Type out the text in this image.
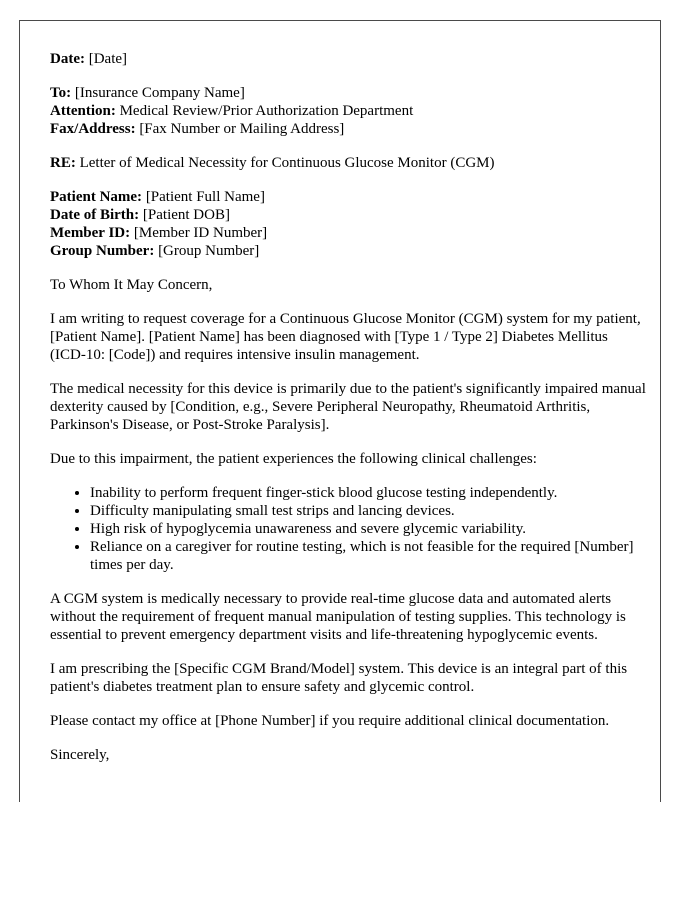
Date: [Date]

To: [Insurance Company Name]
Attention: Medical Review/Prior Authorization Department
Fax/Address: [Fax Number or Mailing Address]

RE: Letter of Medical Necessity for Continuous Glucose Monitor (CGM)

Patient Name: [Patient Full Name]
Date of Birth: [Patient DOB]
Member ID: [Member ID Number]
Group Number: [Group Number]

To Whom It May Concern,

I am writing to request coverage for a Continuous Glucose Monitor (CGM) system for my patient, [Patient Name]. [Patient Name] has been diagnosed with [Type 1 / Type 2] Diabetes Mellitus (ICD-10: [Code]) and requires intensive insulin management.

The medical necessity for this device is primarily due to the patient's significantly impaired manual dexterity caused by [Condition, e.g., Severe Peripheral Neuropathy, Rheumatoid Arthritis, Parkinson's Disease, or Post-Stroke Paralysis].

Due to this impairment, the patient experiences the following clinical challenges:

• Inability to perform frequent finger-stick blood glucose testing independently.
• Difficulty manipulating small test strips and lancing devices.
• High risk of hypoglycemia unawareness and severe glycemic variability.
• Reliance on a caregiver for routine testing, which is not feasible for the required [Number] times per day.

A CGM system is medically necessary to provide real-time glucose data and automated alerts without the requirement of frequent manual manipulation of testing supplies. This technology is essential to prevent emergency department visits and life-threatening hypoglycemic events.

I am prescribing the [Specific CGM Brand/Model] system. This device is an integral part of this patient's diabetes treatment plan to ensure safety and glycemic control.

Please contact my office at [Phone Number] if you require additional clinical documentation.

Sincerely,
